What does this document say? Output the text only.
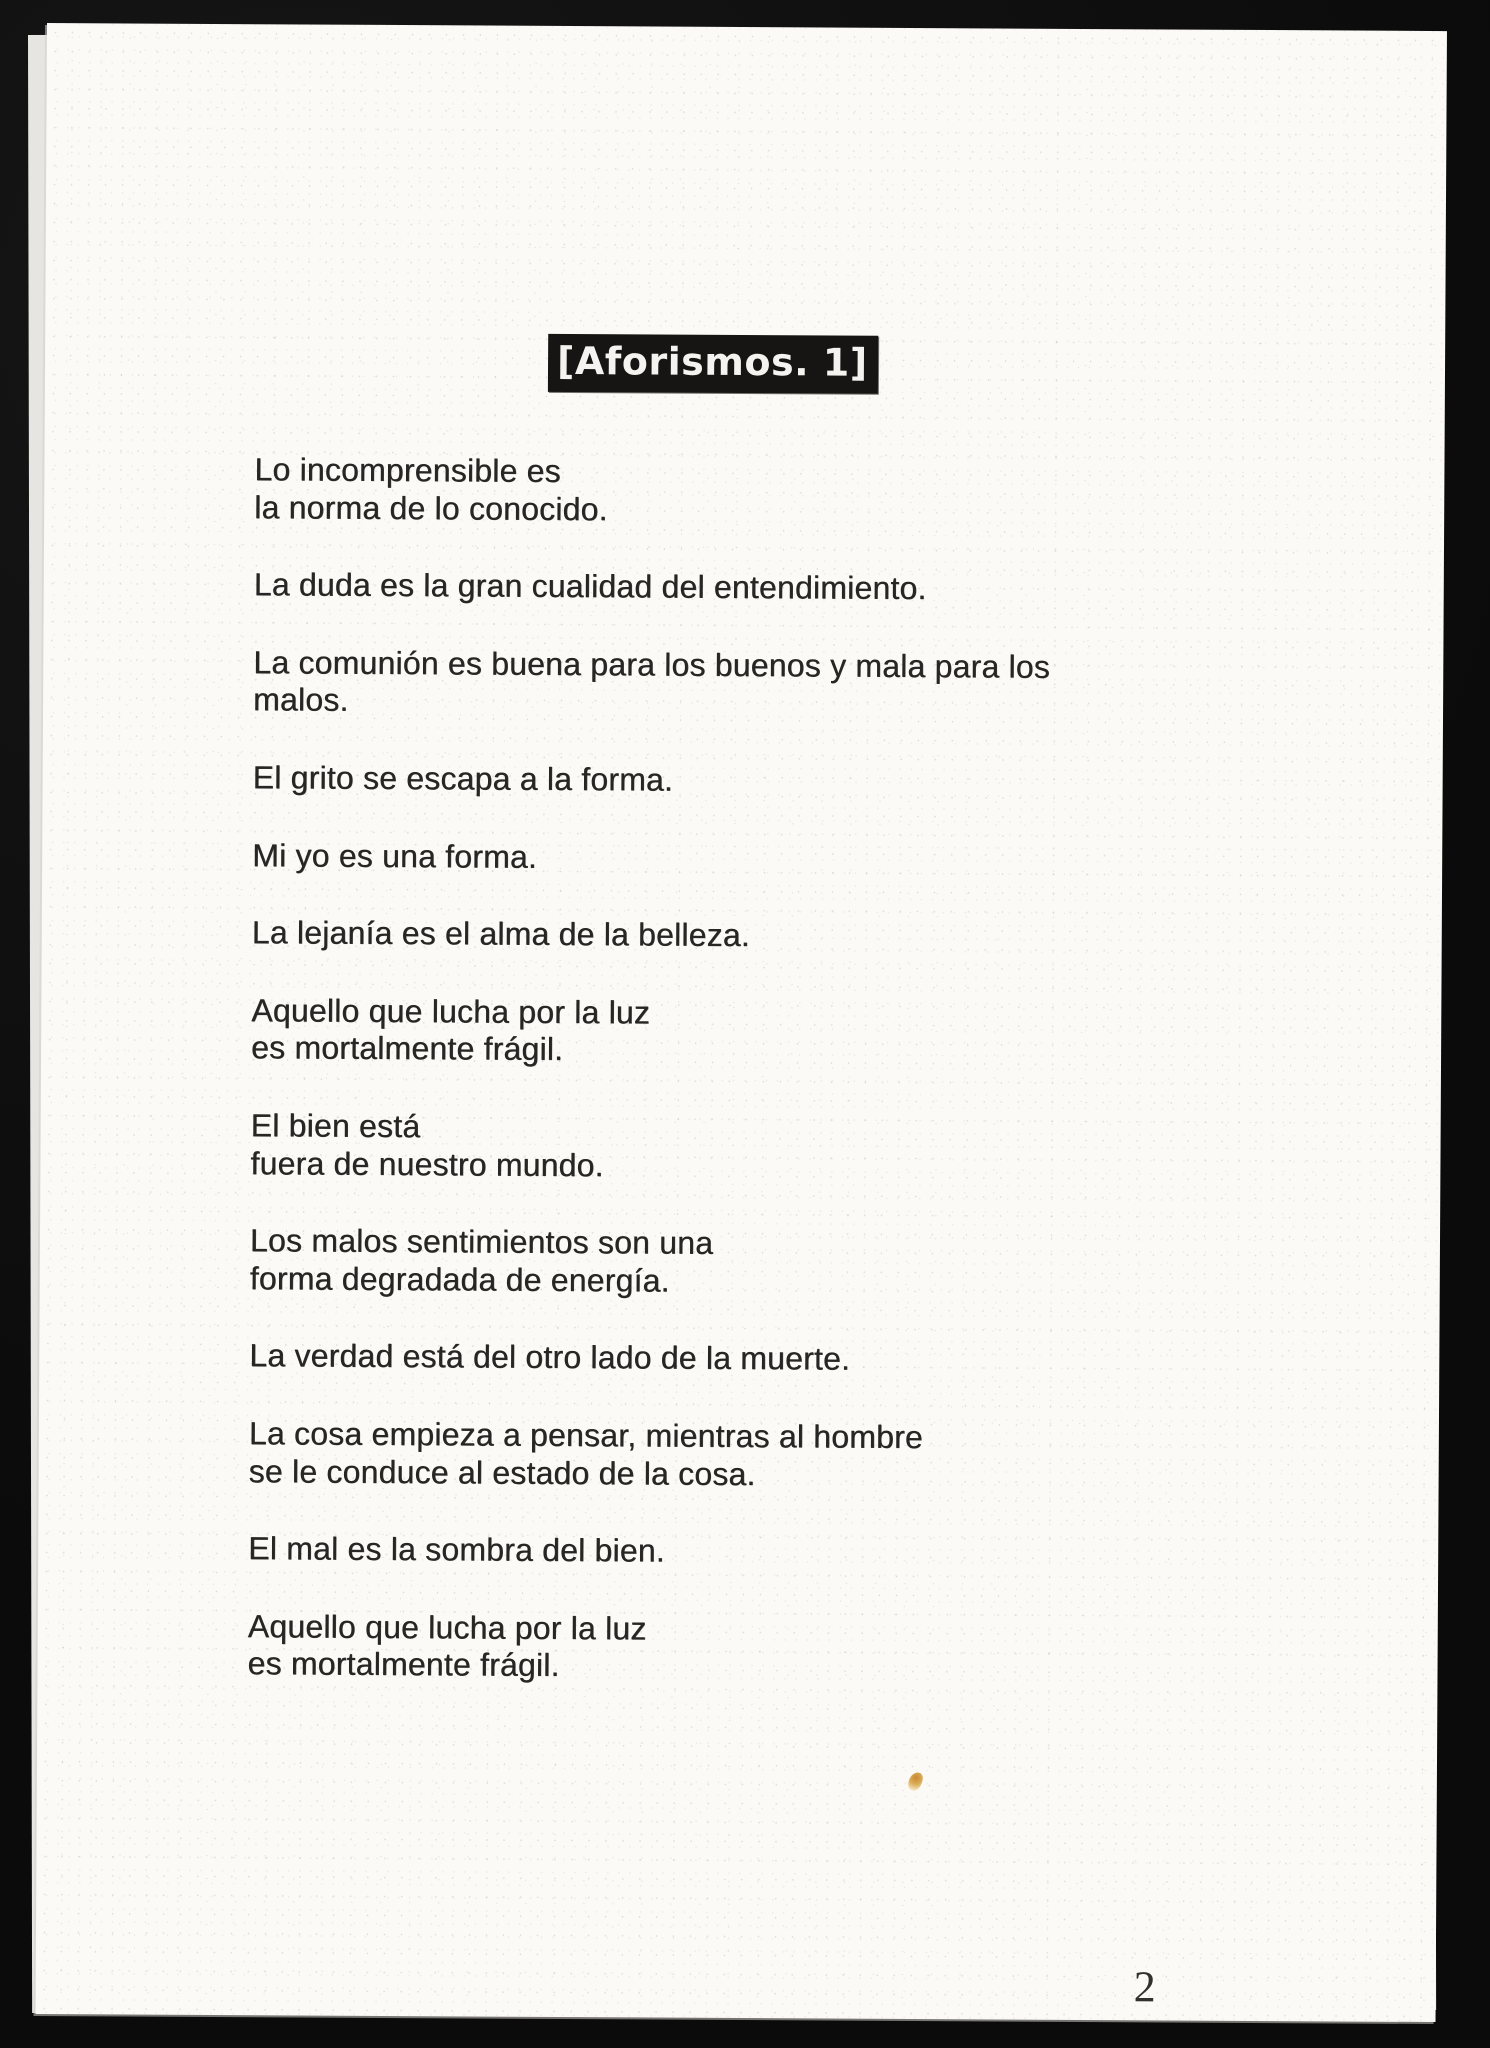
[Aforismos. 1]

Lo incomprensible es
la norma de lo conocido.

La duda es la gran cualidad del entendimiento.

La comunión es buena para los buenos y mala para los
malos.

El grito se escapa a la forma.

Mi yo es una forma.

La lejanía es el alma de la belleza.

Aquello que lucha por la luz
es mortalmente frágil.

El bien está
fuera de nuestro mundo.

Los malos sentimientos son una
forma degradada de energía.

La verdad está del otro lado de la muerte.

La cosa empieza a pensar, mientras al hombre
se le conduce al estado de la cosa.

El mal es la sombra del bien.

Aquello que lucha por la luz
es mortalmente frágil.

2
